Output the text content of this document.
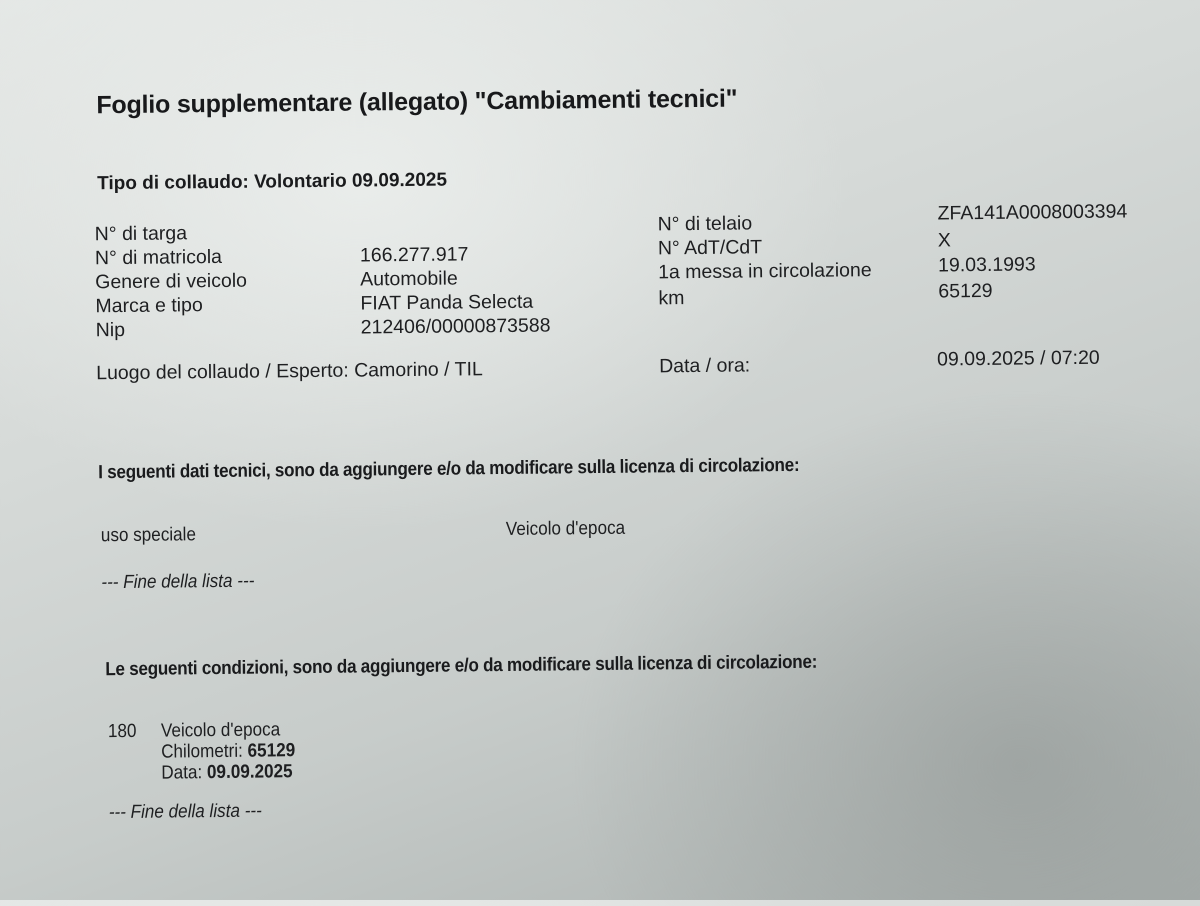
Foglio supplementare (allegato) "Cambiamenti tecnici"
Tipo di collaudo: Volontario 09.09.2025
N° di targa
N° di matricola	166.277.917
Genere di veicolo	Automobile
Marca e tipo	FIAT Panda Selecta
Nip	212406/00000873588
N° di telaio	ZFA141A0008003394
N° AdT/CdT	X
1a messa in circolazione	19.03.1993
km	65129
Luogo del collaudo / Esperto: Camorino / TIL	Data / ora:	09.09.2025 / 07:20
I seguenti dati tecnici, sono da aggiungere e/o da modificare sulla licenza di circolazione:
uso speciale	Veicolo d'epoca
--- Fine della lista ---
Le seguenti condizioni, sono da aggiungere e/o da modificare sulla licenza di circolazione:
180 Veicolo d'epoca
Chilometri: 65129
Data: 09.09.2025
--- Fine della lista ---
